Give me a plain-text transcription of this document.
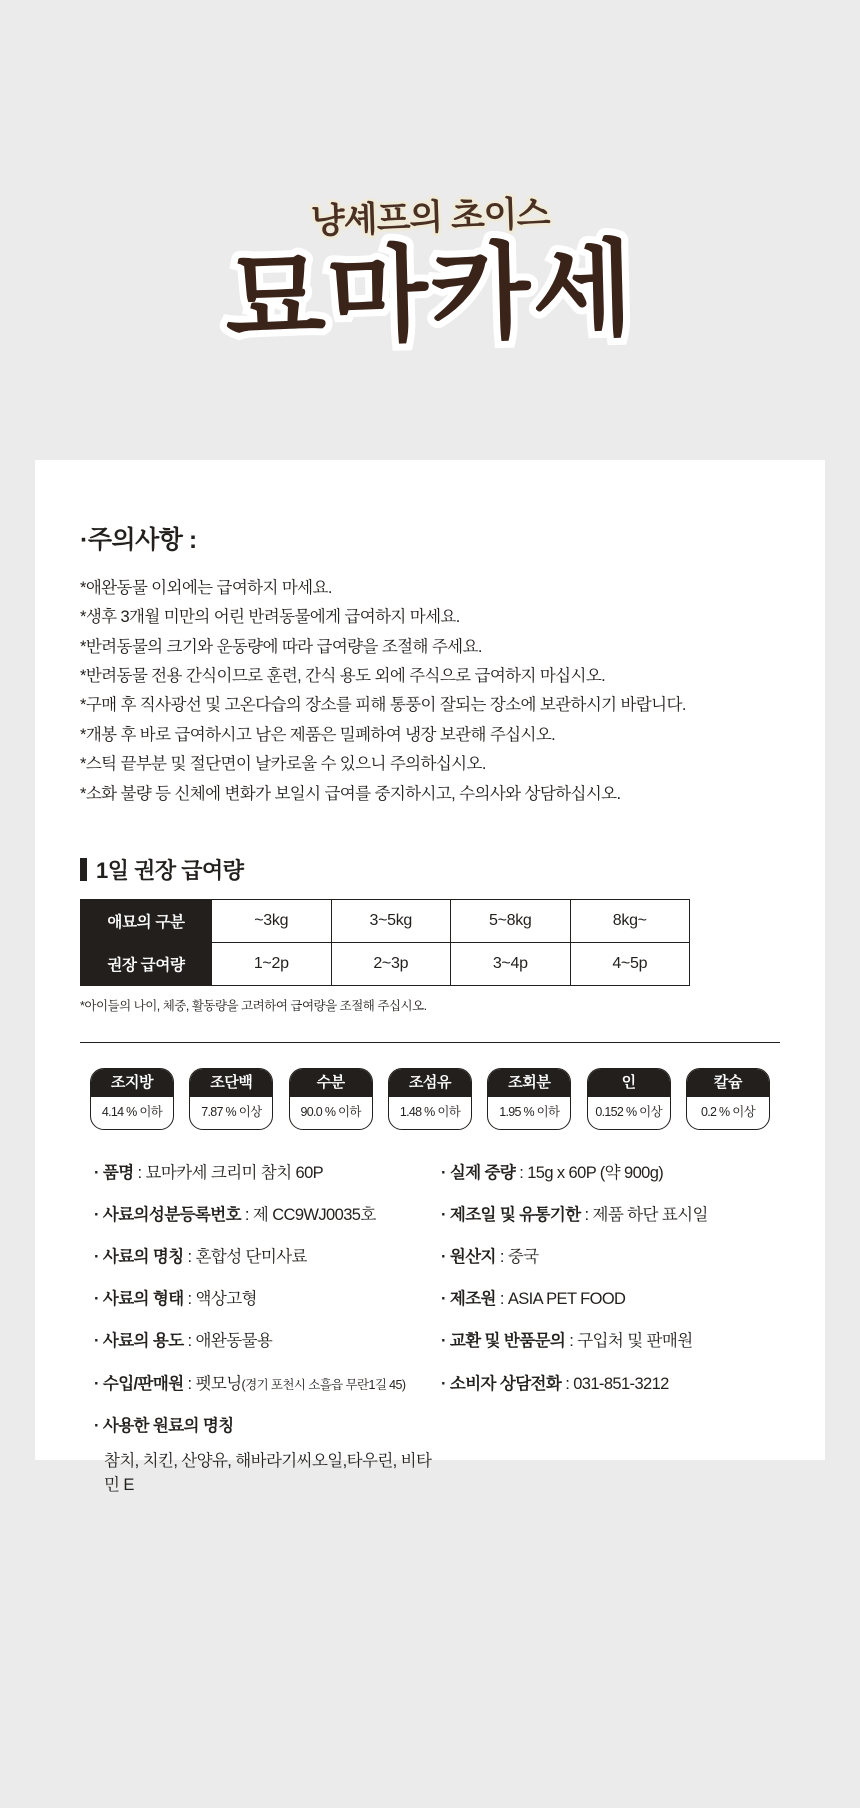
냥셰프의 초이스
묘마카세
·주의사항 :
*애완동물 이외에는 급여하지 마세요.
*생후 3개월 미만의 어린 반려동물에게 급여하지 마세요.
*반려동물의 크기와 운동량에 따라 급여량을 조절해 주세요.
*반려동물 전용 간식이므로 훈련, 간식 용도 외에 주식으로 급여하지 마십시오.
*구매 후 직사광선 및 고온다습의 장소를 피해 통풍이 잘되는 장소에 보관하시기 바랍니다.
*개봉 후 바로 급여하시고 남은 제품은 밀폐하여 냉장 보관해 주십시오.
*스틱 끝부분 및 절단면이 날카로울 수 있으니 주의하십시오.
*소화 불량 등 신체에 변화가 보일시 급여를 중지하시고, 수의사와 상담하십시오.
1일 권장 급여량
애묘의 구분	~3kg	3~5kg	5~8kg	8kg~
권장 급여량	1~2p	2~3p	3~4p	4~5p
*아이들의 나이, 체중, 활동량을 고려하여 급여량을 조절해 주십시오.
조지방
4.14 % 이하
조단백
7.87 % 이상
수분
90.0 % 이하
조섬유
1.48 % 이하
조회분
1.95 % 이하
인
0.152 % 이상
칼슘
0.2 % 이상
· 품명 : 묘마카세 크리미 참치 60P
· 사료의성분등록번호 : 제 CC9WJ0035호
· 사료의 명칭 : 혼합성 단미사료
· 사료의 형태 : 액상고형
· 사료의 용도 : 애완동물용
· 수입/판매원 : 펫모닝(경기 포천시 소흘읍 무란1길 45)
· 사용한 원료의 명칭
참치, 치킨, 산양유, 해바라기씨오일,타우린, 비타민 E
· 실제 중량 : 15g x 60P (약 900g)
· 제조일 및 유통기한 : 제품 하단 표시일
· 원산지 : 중국
· 제조원 : ASIA PET FOOD
· 교환 및 반품문의 : 구입처 및 판매원
· 소비자 상담전화 : 031-851-3212
